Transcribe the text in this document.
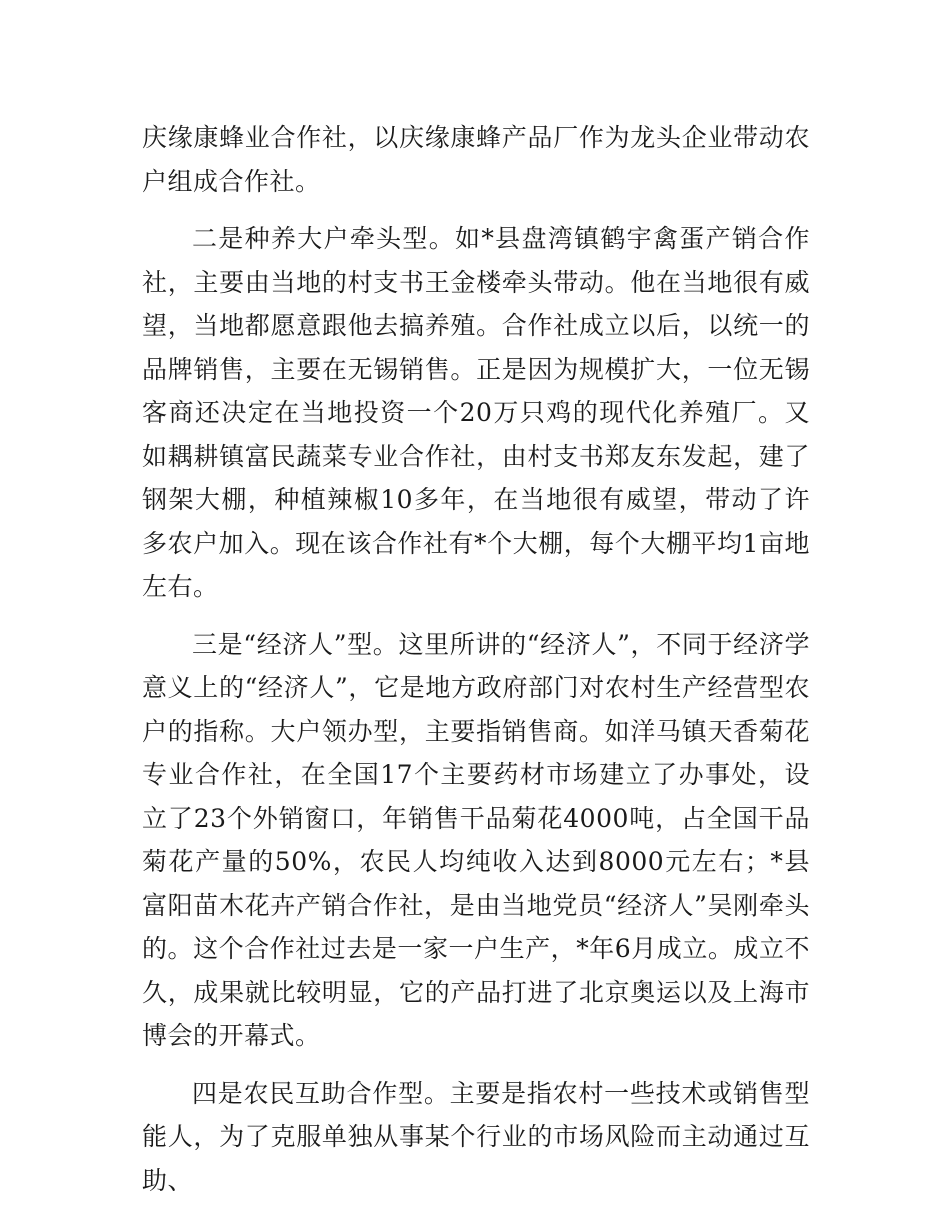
庆缘康蜂业合作社，以庆缘康蜂产品厂作为龙头企业带动农户组成合作社。

二是种养大户牵头型。如*县盘湾镇鹤宇禽蛋产销合作社，主要由当地的村支书王金楼牵头带动。他在当地很有威望，当地都愿意跟他去搞养殖。合作社成立以后，以统一的品牌销售，主要在无锡销售。正是因为规模扩大，一位无锡客商还决定在当地投资一个20万只鸡的现代化养殖厂。又如耦耕镇富民蔬菜专业合作社，由村支书郑友东发起，建了钢架大棚，种植辣椒10多年，在当地很有威望，带动了许多农户加入。现在该合作社有*个大棚，每个大棚平均1亩地左右。

三是“经济人”型。这里所讲的“经济人”，不同于经济学意义上的“经济人”，它是地方政府部门对农村生产经营型农户的指称。大户领办型，主要指销售商。如洋马镇天香菊花专业合作社，在全国17个主要药材市场建立了办事处，设立了23个外销窗口，年销售干品菊花4000吨，占全国干品菊花产量的50%，农民人均纯收入达到8000元左右；*县富阳苗木花卉产销合作社，是由当地党员“经济人”吴刚牵头的。这个合作社过去是一家一户生产，*年6月成立。成立不久，成果就比较明显，它的产品打进了北京奥运以及上海市博会的开幕式。

四是农民互助合作型。主要是指农村一些技术或销售型能人，为了克服单独从事某个行业的市场风险而主动通过互助、
